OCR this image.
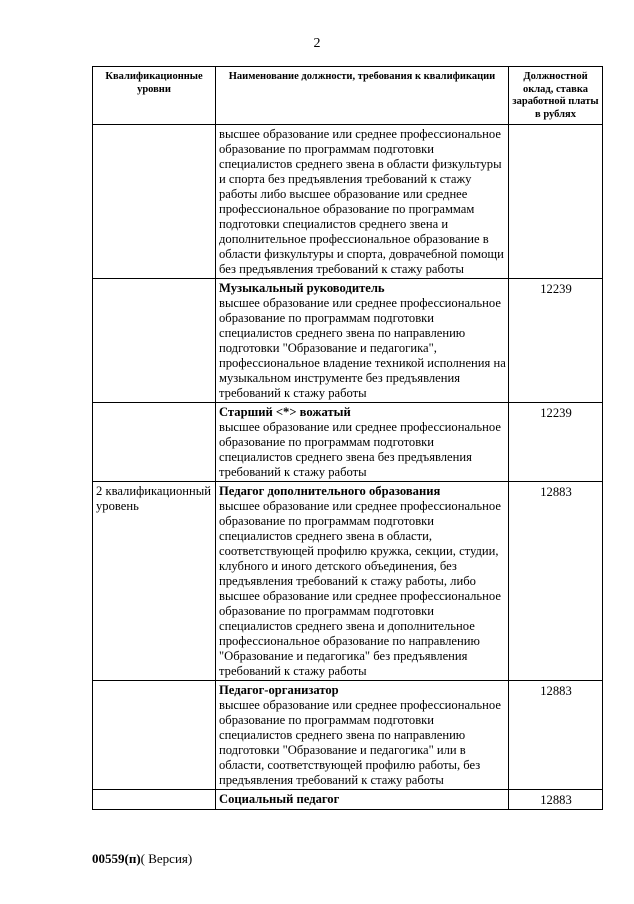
2
Квалификационные уровни	Наименование должности, требования к квалификации	Должностной оклад, ставка заработной платы в рублях

	высшее образование или среднее профессиональное образование по программам подготовки специалистов среднего звена в области физкультуры и спорта без предъявления требований к стажу работы либо высшее образование или среднее профессиональное образование по программам подготовки специалистов среднего звена и дополнительное профессиональное образование в области физкультуры и спорта, доврачебной помощи без предъявления требований к стажу работы	

	Музыкальный руководитель
высшее образование или среднее профессиональное образование по программам подготовки специалистов среднего звена по направлению подготовки "Образование и педагогика", профессиональное владение техникой исполнения на музыкальном инструменте без предъявления требований к стажу работы	12239

	Старший <*> вожатый
высшее образование или среднее профессиональное образование по программам подготовки специалистов среднего звена без предъявления требований к стажу работы	12239

2 квалификационный уровень	Педагог дополнительного образования
высшее образование или среднее профессиональное образование по программам подготовки специалистов среднего звена в области, соответствующей профилю кружка, секции, студии, клубного и иного детского объединения, без предъявления требований к стажу работы, либо высшее образование или среднее профессиональное образование по программам подготовки специалистов среднего звена и дополнительное профессиональное образование по направлению "Образование и педагогика" без предъявления требований к стажу работы	12883

	Педагог-организатор
высшее образование или среднее профессиональное образование по программам подготовки специалистов среднего звена по направлению подготовки "Образование и педагогика" или в области, соответствующей профилю работы, без предъявления требований к стажу работы	12883

	Социальный педагог	12883
00559(п)( Версия)
